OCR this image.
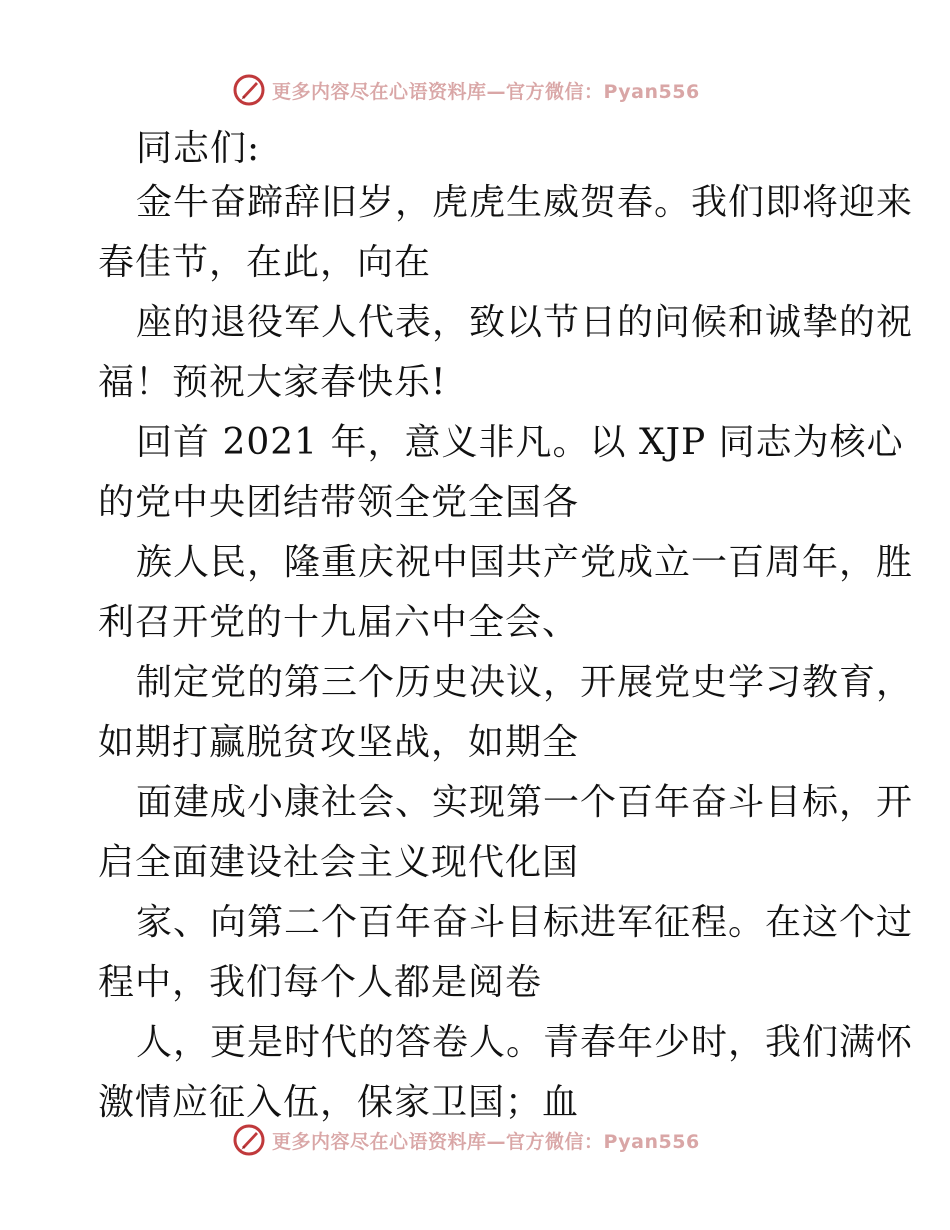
更多内容尽在心语资料库—官方微信：Pyan556
同志们:
金牛奋蹄辞旧岁，虎虎生威贺春。我们即将迎来
春佳节，在此，向在
座的退役军人代表，致以节日的问候和诚挚的祝
福！预祝大家春快乐!
回首 2021 年，意义非凡。以 XJP 同志为核心
的党中央团结带领全党全国各
族人民，隆重庆祝中国共产党成立一百周年，胜
利召开党的十九届六中全会、
制定党的第三个历史决议，开展党史学习教育，
如期打赢脱贫攻坚战，如期全
面建成小康社会、实现第一个百年奋斗目标，开
启全面建设社会主义现代化国
家、向第二个百年奋斗目标进军征程。在这个过
程中，我们每个人都是阅卷
人，更是时代的答卷人。青春年少时，我们满怀
激情应征入伍，保家卫国；血
更多内容尽在心语资料库—官方微信：Pyan556
